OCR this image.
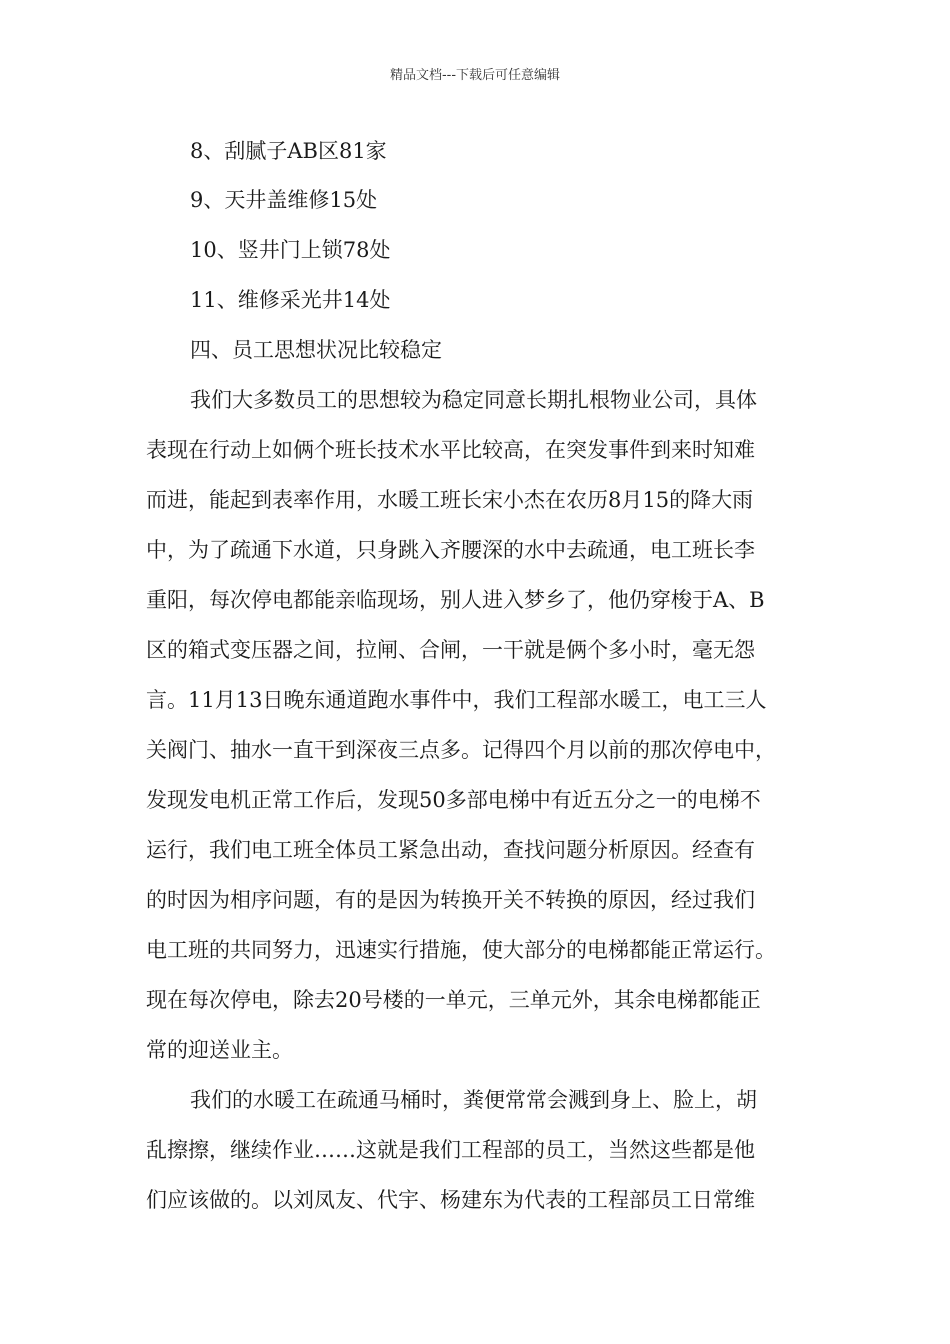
精品文档---下载后可任意编辑
8、刮腻子AB区81家
9、天井盖维修15处
10、竖井门上锁78处
11、维修采光井14处
四、员工思想状况比较稳定
我们大多数员工的思想较为稳定同意长期扎根物业公司，具体
表现在行动上如俩个班长技术水平比较高，在突发事件到来时知难
而进，能起到表率作用，水暖工班长宋小杰在农历8月15的降大雨
中，为了疏通下水道，只身跳入齐腰深的水中去疏通，电工班长李
重阳，每次停电都能亲临现场，别人进入梦乡了，他仍穿梭于A、B
区的箱式变压器之间，拉闸、合闸，一干就是俩个多小时，毫无怨
言。11月13日晚东通道跑水事件中，我们工程部水暖工，电工三人
关阀门、抽水一直干到深夜三点多。记得四个月以前的那次停电中，
发现发电机正常工作后，发现50多部电梯中有近五分之一的电梯不
运行，我们电工班全体员工紧急出动，查找问题分析原因。经查有
的时因为相序问题，有的是因为转换开关不转换的原因，经过我们
电工班的共同努力，迅速实行措施，使大部分的电梯都能正常运行。
现在每次停电，除去20号楼的一单元，三单元外，其余电梯都能正
常的迎送业主。
我们的水暖工在疏通马桶时，粪便常常会溅到身上、脸上，胡
乱擦擦，继续作业……这就是我们工程部的员工，当然这些都是他
们应该做的。以刘凤友、代宇、杨建东为代表的工程部员工日常维
